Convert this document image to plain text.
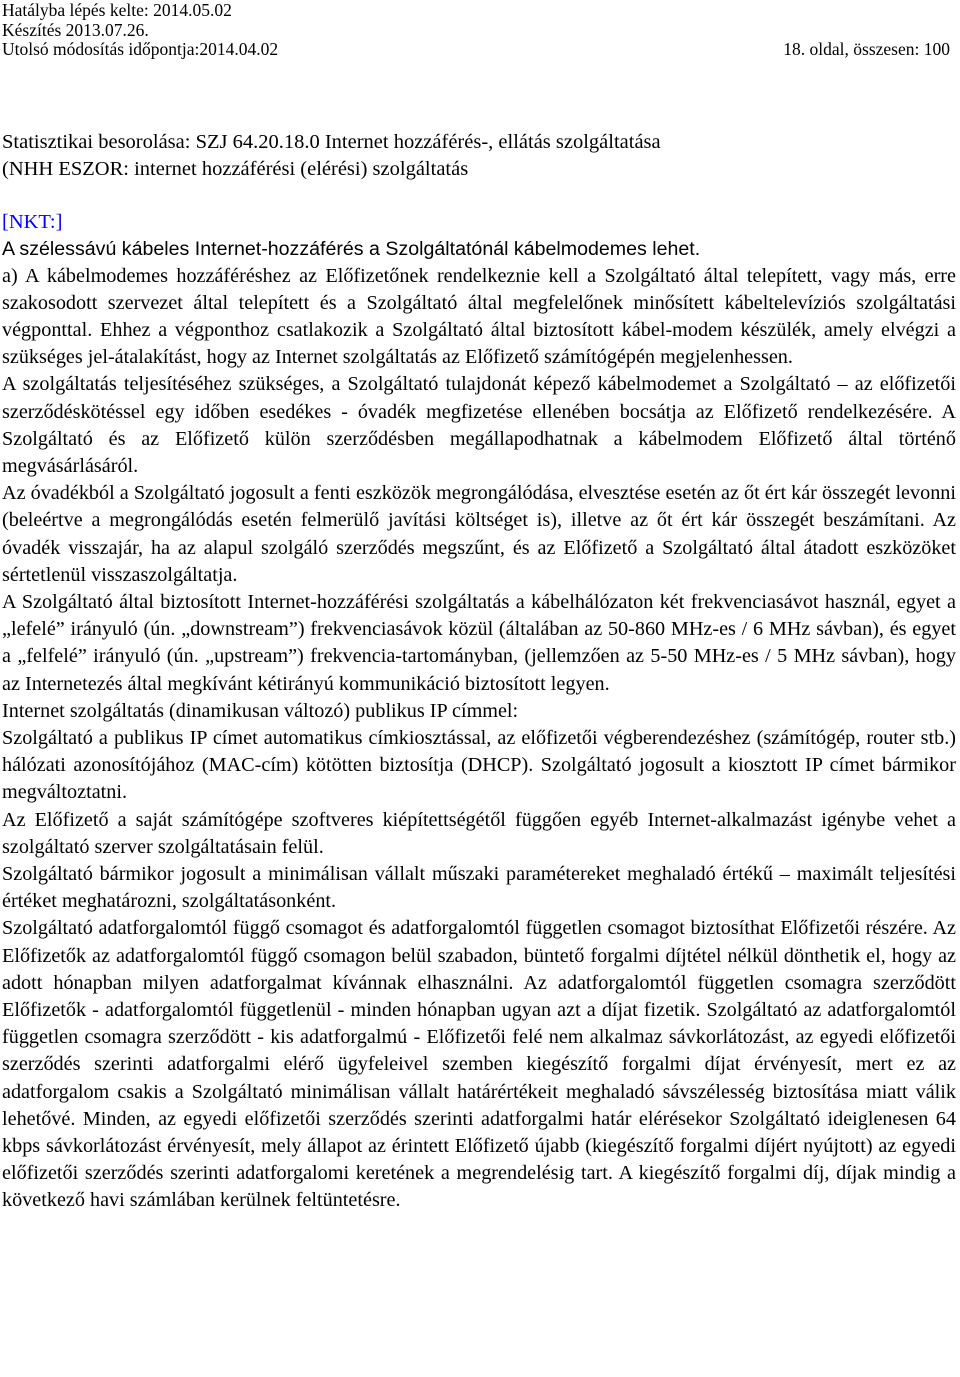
Hatályba lépés kelte: 2014.05.02
Készítés 2013.07.26.
Utolsó módosítás időpontja:2014.04.02	18. oldal, összesen: 100
Statisztikai besorolása: SZJ 64.20.18.0 Internet hozzáférés-, ellátás szolgáltatása
(NHH ESZOR: internet hozzáférési (elérési) szolgáltatás
[NKT:]
A szélessávú kábeles Internet-hozzáférés a Szolgáltatónál kábelmodemes lehet.

a) A kábelmodemes hozzáféréshez az Előfizetőnek rendelkeznie kell a Szolgáltató által telepített, vagy más, erre szakosodott szervezet által telepített és a Szolgáltató által megfelelőnek minősített kábeltelevíziós szolgáltatási végponttal. Ehhez a végponthoz csatlakozik a Szolgáltató által biztosított kábel-modem készülék, amely elvégzi a szükséges jel-átalakítást, hogy az Internet szolgáltatás az Előfizető számítógépén megjelenhessen.

A szolgáltatás teljesítéséhez szükséges, a Szolgáltató tulajdonát képező kábelmodemet a Szolgáltató – az előfizetői szerződéskötéssel egy időben esedékes - óvadék megfizetése ellenében bocsátja az Előfizető rendelkezésére. A Szolgáltató és az Előfizető külön szerződésben megállapodhatnak a kábelmodem Előfizető által történő megvásárlásáról.

Az óvadékból a Szolgáltató jogosult a fenti eszközök megrongálódása, elvesztése esetén az őt ért kár összegét levonni (beleértve a megrongálódás esetén felmerülő javítási költséget is), illetve az őt ért kár összegét beszámítani. Az óvadék visszajár, ha az alapul szolgáló szerződés megszűnt, és az Előfizető a Szolgáltató által átadott eszközöket sértetlenül visszaszolgáltatja.

A Szolgáltató által biztosított Internet-hozzáférési szolgáltatás a kábelhálózaton két frekvenciasávot használ, egyet a „lefelé” irányuló (ún. „downstream”) frekvenciasávok közül (általában az 50-860 MHz-es / 6 MHz sávban), és egyet a „felfelé” irányuló (ún. „upstream”) frekvencia-tartományban, (jellemzően az 5-50 MHz-es / 5 MHz sávban), hogy az Internetezés által megkívánt kétirányú kommunikáció biztosított legyen.

Internet szolgáltatás (dinamikusan változó) publikus IP címmel:

Szolgáltató a publikus IP címet automatikus címkiosztással, az előfizetői végberendezéshez (számítógép, router stb.) hálózati azonosítójához (MAC-cím) kötötten biztosítja (DHCP). Szolgáltató jogosult a kiosztott IP címet bármikor megváltoztatni.

Az Előfizető a saját számítógépe szoftveres kiépítettségétől függően egyéb Internet-alkalmazást igénybe vehet a szolgáltató szerver szolgáltatásain felül.

Szolgáltató bármikor jogosult a minimálisan vállalt műszaki paramétereket meghaladó értékű – maximált teljesítési értéket meghatározni, szolgáltatásonként.

Szolgáltató adatforgalomtól függő csomagot és adatforgalomtól független csomagot biztosíthat Előfizetői részére. Az Előfizetők az adatforgalomtól függő csomagon belül szabadon, büntető forgalmi díjtétel nélkül dönthetik el, hogy az adott hónapban milyen adatforgalmat kívánnak elhasználni. Az adatforgalomtól független csomagra szerződött Előfizetők - adatforgalomtól függetlenül - minden hónapban ugyan azt a díjat fizetik. Szolgáltató az adatforgalomtól független csomagra szerződött - kis adatforgalmú - Előfizetői felé nem alkalmaz sávkorlátozást, az egyedi előfizetői szerződés szerinti adatforgalmi elérő ügyfeleivel szemben kiegészítő forgalmi díjat érvényesít, mert ez az adatforgalom csakis a Szolgáltató minimálisan vállalt határértékeit meghaladó sávszélesség biztosítása miatt válik lehetővé. Minden, az egyedi előfizetői szerződés szerinti adatforgalmi határ elérésekor Szolgáltató ideiglenesen 64 kbps sávkorlátozást érvényesít, mely állapot az érintett Előfizető újabb (kiegészítő forgalmi díjért nyújtott) az egyedi előfizetői szerződés szerinti adatforgalomi keretének a megrendelésig tart. A kiegészítő forgalmi díj, díjak mindig a következő havi számlában kerülnek feltüntetésre.
